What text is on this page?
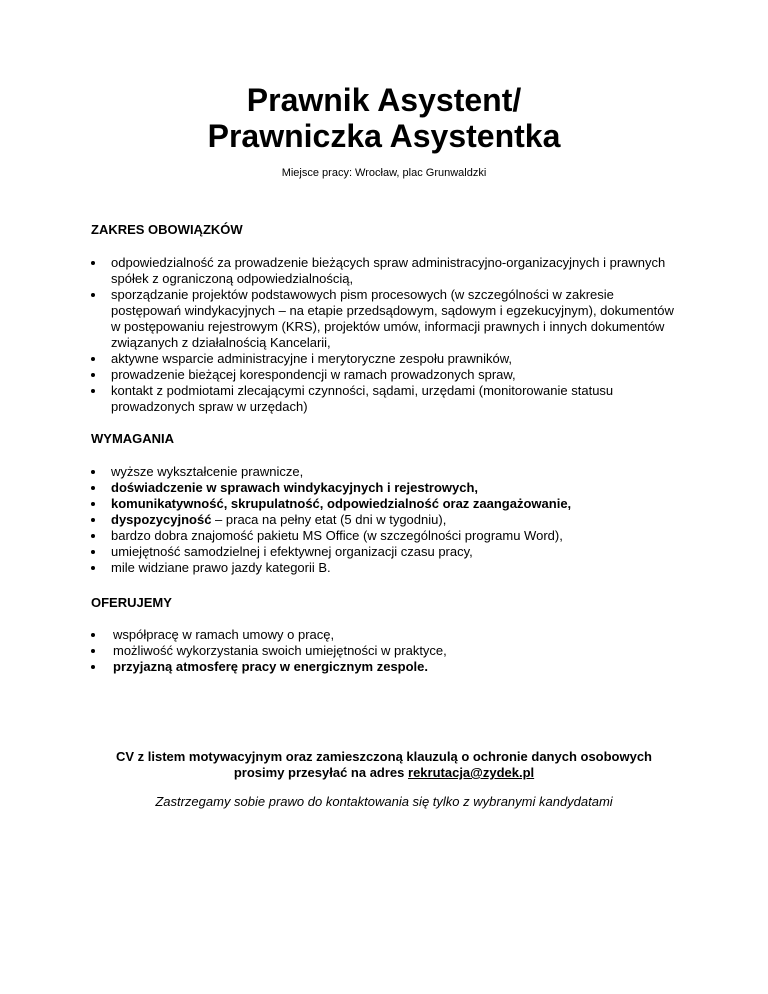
Prawnik Asystent/
Prawniczka Asystentka
Miejsce pracy: Wrocław, plac Grunwaldzki
ZAKRES OBOWIĄZKÓW
odpowiedzialność za prowadzenie bieżących spraw administracyjno-organizacyjnych i prawnych
spółek z ograniczoną odpowiedzialnością,
sporządzanie projektów podstawowych pism procesowych (w szczególności w zakresie
postępowań windykacyjnych – na etapie przedsądowym, sądowym i egzekucyjnym), dokumentów
w postępowaniu rejestrowym (KRS), projektów umów, informacji prawnych i innych dokumentów
związanych z działalnością Kancelarii,
aktywne wsparcie administracyjne i merytoryczne zespołu prawników,
prowadzenie bieżącej korespondencji w ramach prowadzonych spraw,
kontakt z podmiotami zlecającymi czynności, sądami, urzędami (monitorowanie statusu
prowadzonych spraw w urzędach)
WYMAGANIA
wyższe wykształcenie prawnicze,
doświadczenie w sprawach windykacyjnych i rejestrowych,
komunikatywność, skrupulatność, odpowiedzialność oraz zaangażowanie,
dyspozycyjność – praca na pełny etat (5 dni w tygodniu),
bardzo dobra znajomość pakietu MS Office (w szczególności programu Word),
umiejętność samodzielnej i efektywnej organizacji czasu pracy,
mile widziane prawo jazdy kategorii B.
OFERUJEMY
współpracę w ramach umowy o pracę,
możliwość wykorzystania swoich umiejętności w praktyce,
przyjazną atmosferę pracy w energicznym zespole.
CV z listem motywacyjnym oraz zamieszczoną klauzulą o ochronie danych osobowych
prosimy przesyłać na adres rekrutacja@zydek.pl
Zastrzegamy sobie prawo do kontaktowania się tylko z wybranymi kandydatami
